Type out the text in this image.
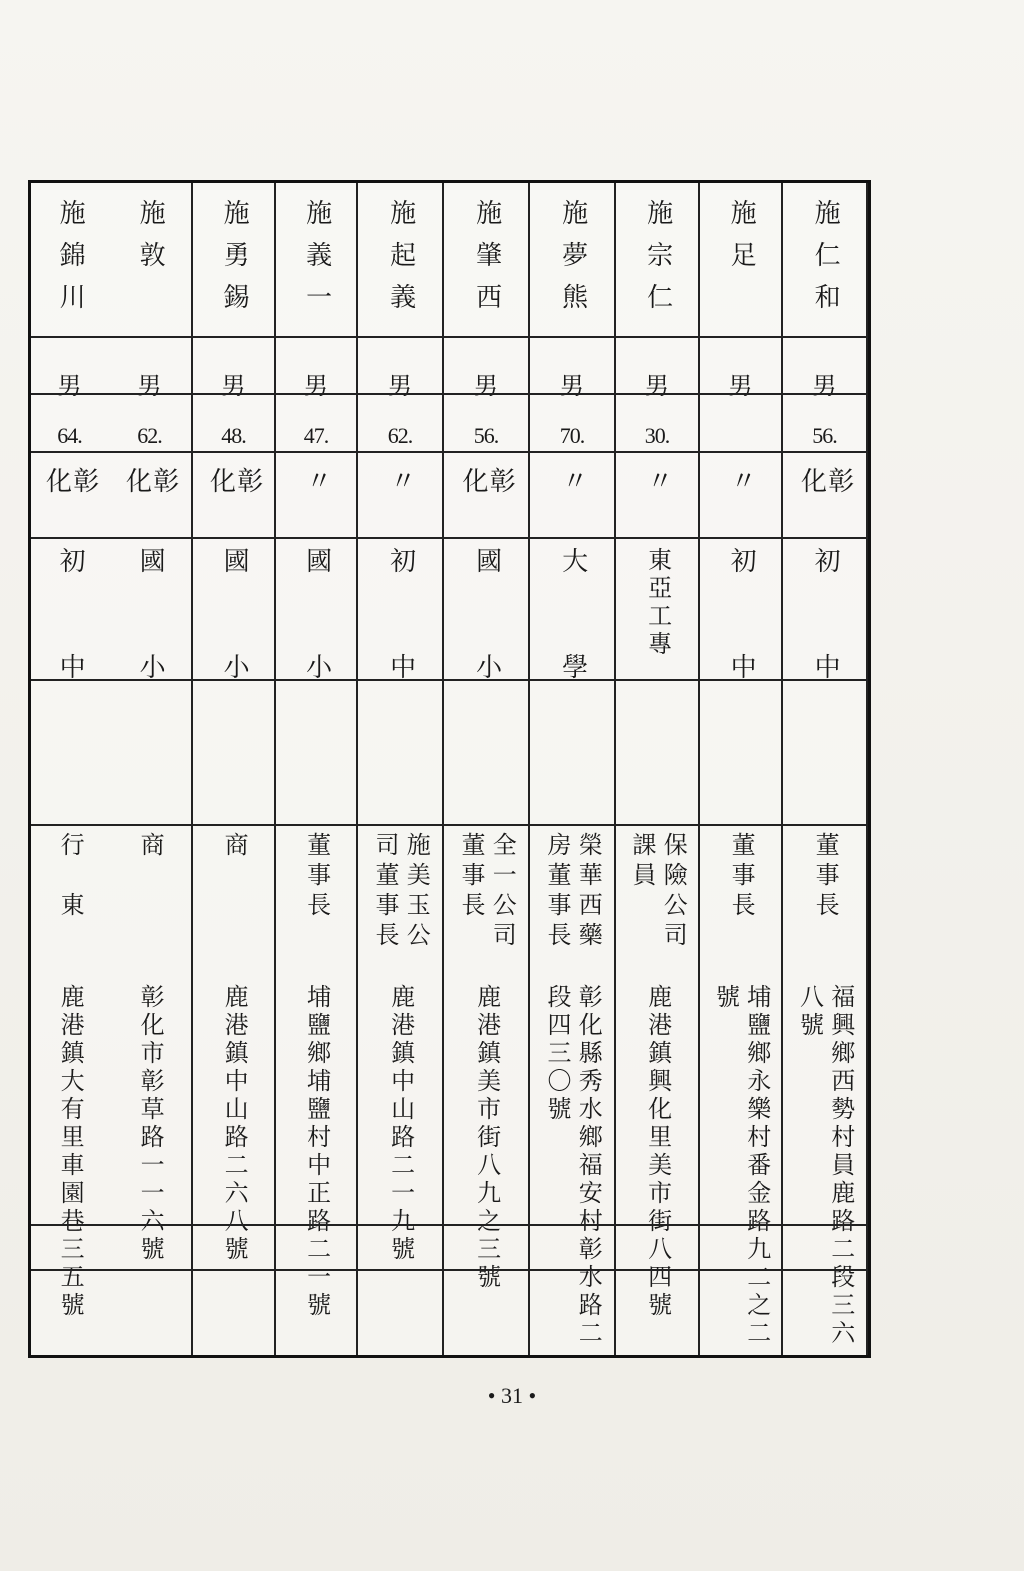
施仁和
男
56.
彰化
初中
董事長
福興鄉西勢村員鹿路二段三六
八號
施足
男
〃
初中
董事長
埔鹽鄉永樂村番金路九二之二
號
施宗仁
男
30.
〃
東亞工專
保險公司
課員
鹿港鎮興化里美市街八四號
施夢熊
男
70.
〃
大學
榮華西藥
房董事長
彰化縣秀水鄉福安村彰水路二
段四三〇號
施肇西
男
56.
彰化
國小
全一公司
董事長
鹿港鎮美市街八九之三號
施起義
男
62.
〃
初中
施美玉公
司董事長
鹿港鎮中山路二一九號
施義一
男
47.
〃
國小
董事長
埔鹽鄉埔鹽村中正路二一號
施勇錫
男
48.
彰化
國小
商
鹿港鎮中山路二六八號
施敦
男
62.
彰化
國小
商
彰化市彰草路一一六號
施錦川
男
64.
彰化
初中
行東
鹿港鎮大有里車園巷三五號
• 31 •
